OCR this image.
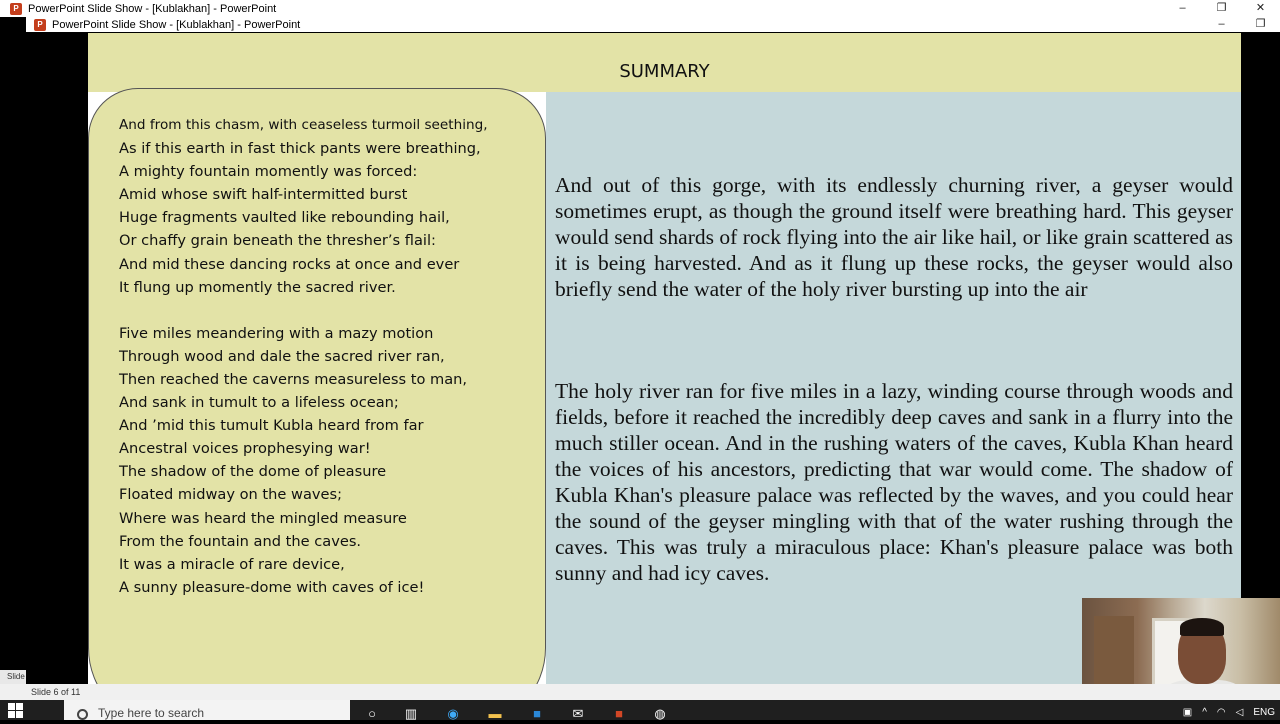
P PowerPoint Slide Show - [Kublakhan] - PowerPoint	–	❐	✕
P PowerPoint Slide Show - [Kublakhan] - PowerPoint	–	❐
SUMMARY
And from this chasm, with ceaseless turmoil seething,
As if this earth in fast thick pants were breathing,
A mighty fountain momently was forced:
Amid whose swift half-intermitted burst
Huge fragments vaulted like rebounding hail,
Or chaffy grain beneath the thresher’s flail:
And mid these dancing rocks at once and ever
It flung up momently the sacred river.
Five miles meandering with a mazy motion
Through wood and dale the sacred river ran,
Then reached the caverns measureless to man,
And sank in tumult to a lifeless ocean;
And ’mid this tumult Kubla heard from far
Ancestral voices prophesying war!
The shadow of the dome of pleasure
Floated midway on the waves;
Where was heard the mingled measure
From the fountain and the caves.
It was a miracle of rare device,
A sunny pleasure-dome with caves of ice!
And out of this gorge, with its endlessly churning river, a geyser would sometimes erupt, as though the ground itself were breathing hard. This geyser would send shards of rock flying into the air like hail, or like grain scattered as it is being harvested. And as it flung up these rocks, the geyser would also briefly send the water of the holy river bursting up into the air
The holy river ran for five miles in a lazy, winding course through woods and fields, before it reached the incredibly deep caves and sank in a flurry into the much stiller ocean. And in the rushing waters of the caves, Kubla Khan heard the voices of his ancestors, predicting that war would come. The shadow of Kubla Khan's pleasure palace was reflected by the waves, and you could hear the sound of the geyser mingling with that of the water rushing through the caves. This was truly a miraculous place: Khan's pleasure palace was both sunny and had icy caves.
Slide
Slide 6 of 11
Type here to search	○	▥	◉	▬	■	✉	■	◍	▣	^	◠	◁	ENG
